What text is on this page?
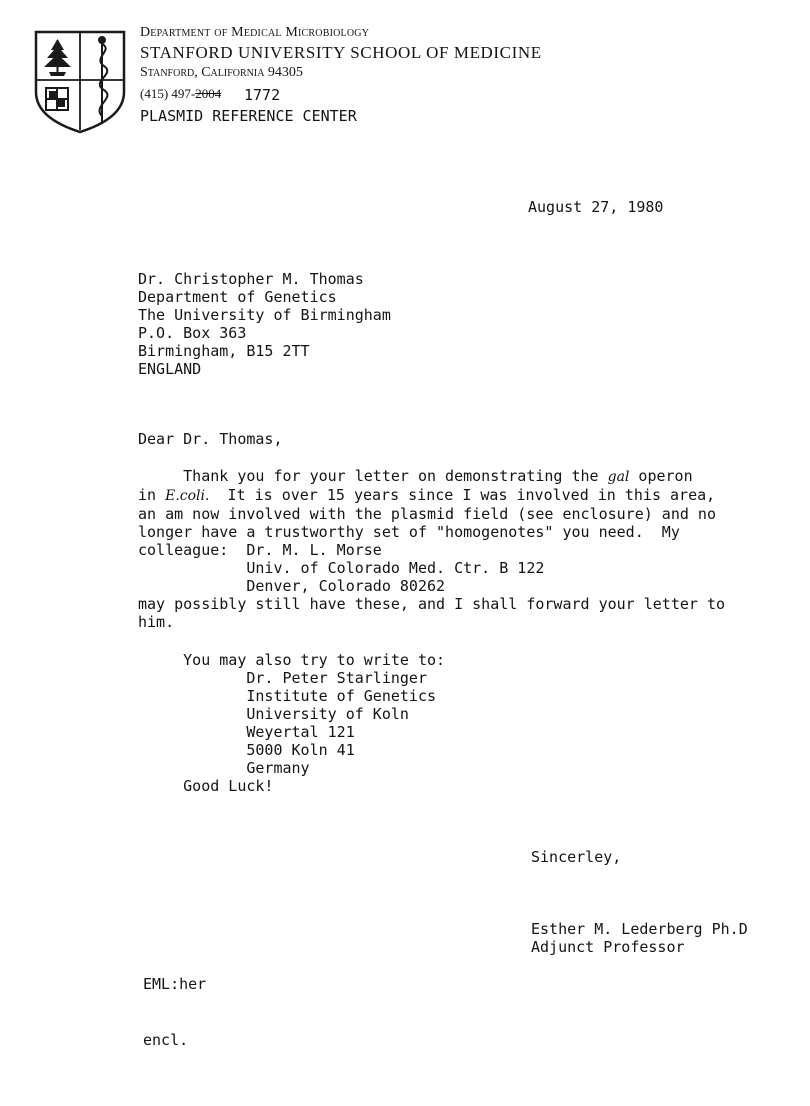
Department of Medical Microbiology
STANFORD UNIVERSITY SCHOOL OF MEDICINE
Stanford, California 94305
(415) 497-2004 1772
PLASMID REFERENCE CENTER
August 27, 1980
Dr. Christopher M. Thomas
Department of Genetics
The University of Birmingham
P.O. Box 363
Birmingham, B15 2TT
ENGLAND
Dear Dr. Thomas,
Thank you for your letter on demonstrating the gal operon
in E.coli.  It is over 15 years since I was involved in this area,
an am now involved with the plasmid field (see enclosure) and no
longer have a trustworthy set of "homogenotes" you need.  My
colleague:  Dr. M. L. Morse
Univ. of Colorado Med. Ctr. B 122
Denver, Colorado 80262
may possibly still have these, and I shall forward your letter to
him.
You may also try to write to:
Dr. Peter Starlinger
Institute of Genetics
University of Koln
Weyertal 121
5000 Koln 41
Germany
Good Luck!
Sincerley,
Esther M. Lederberg Ph.D
Adjunct Professor
EML:her
encl.
